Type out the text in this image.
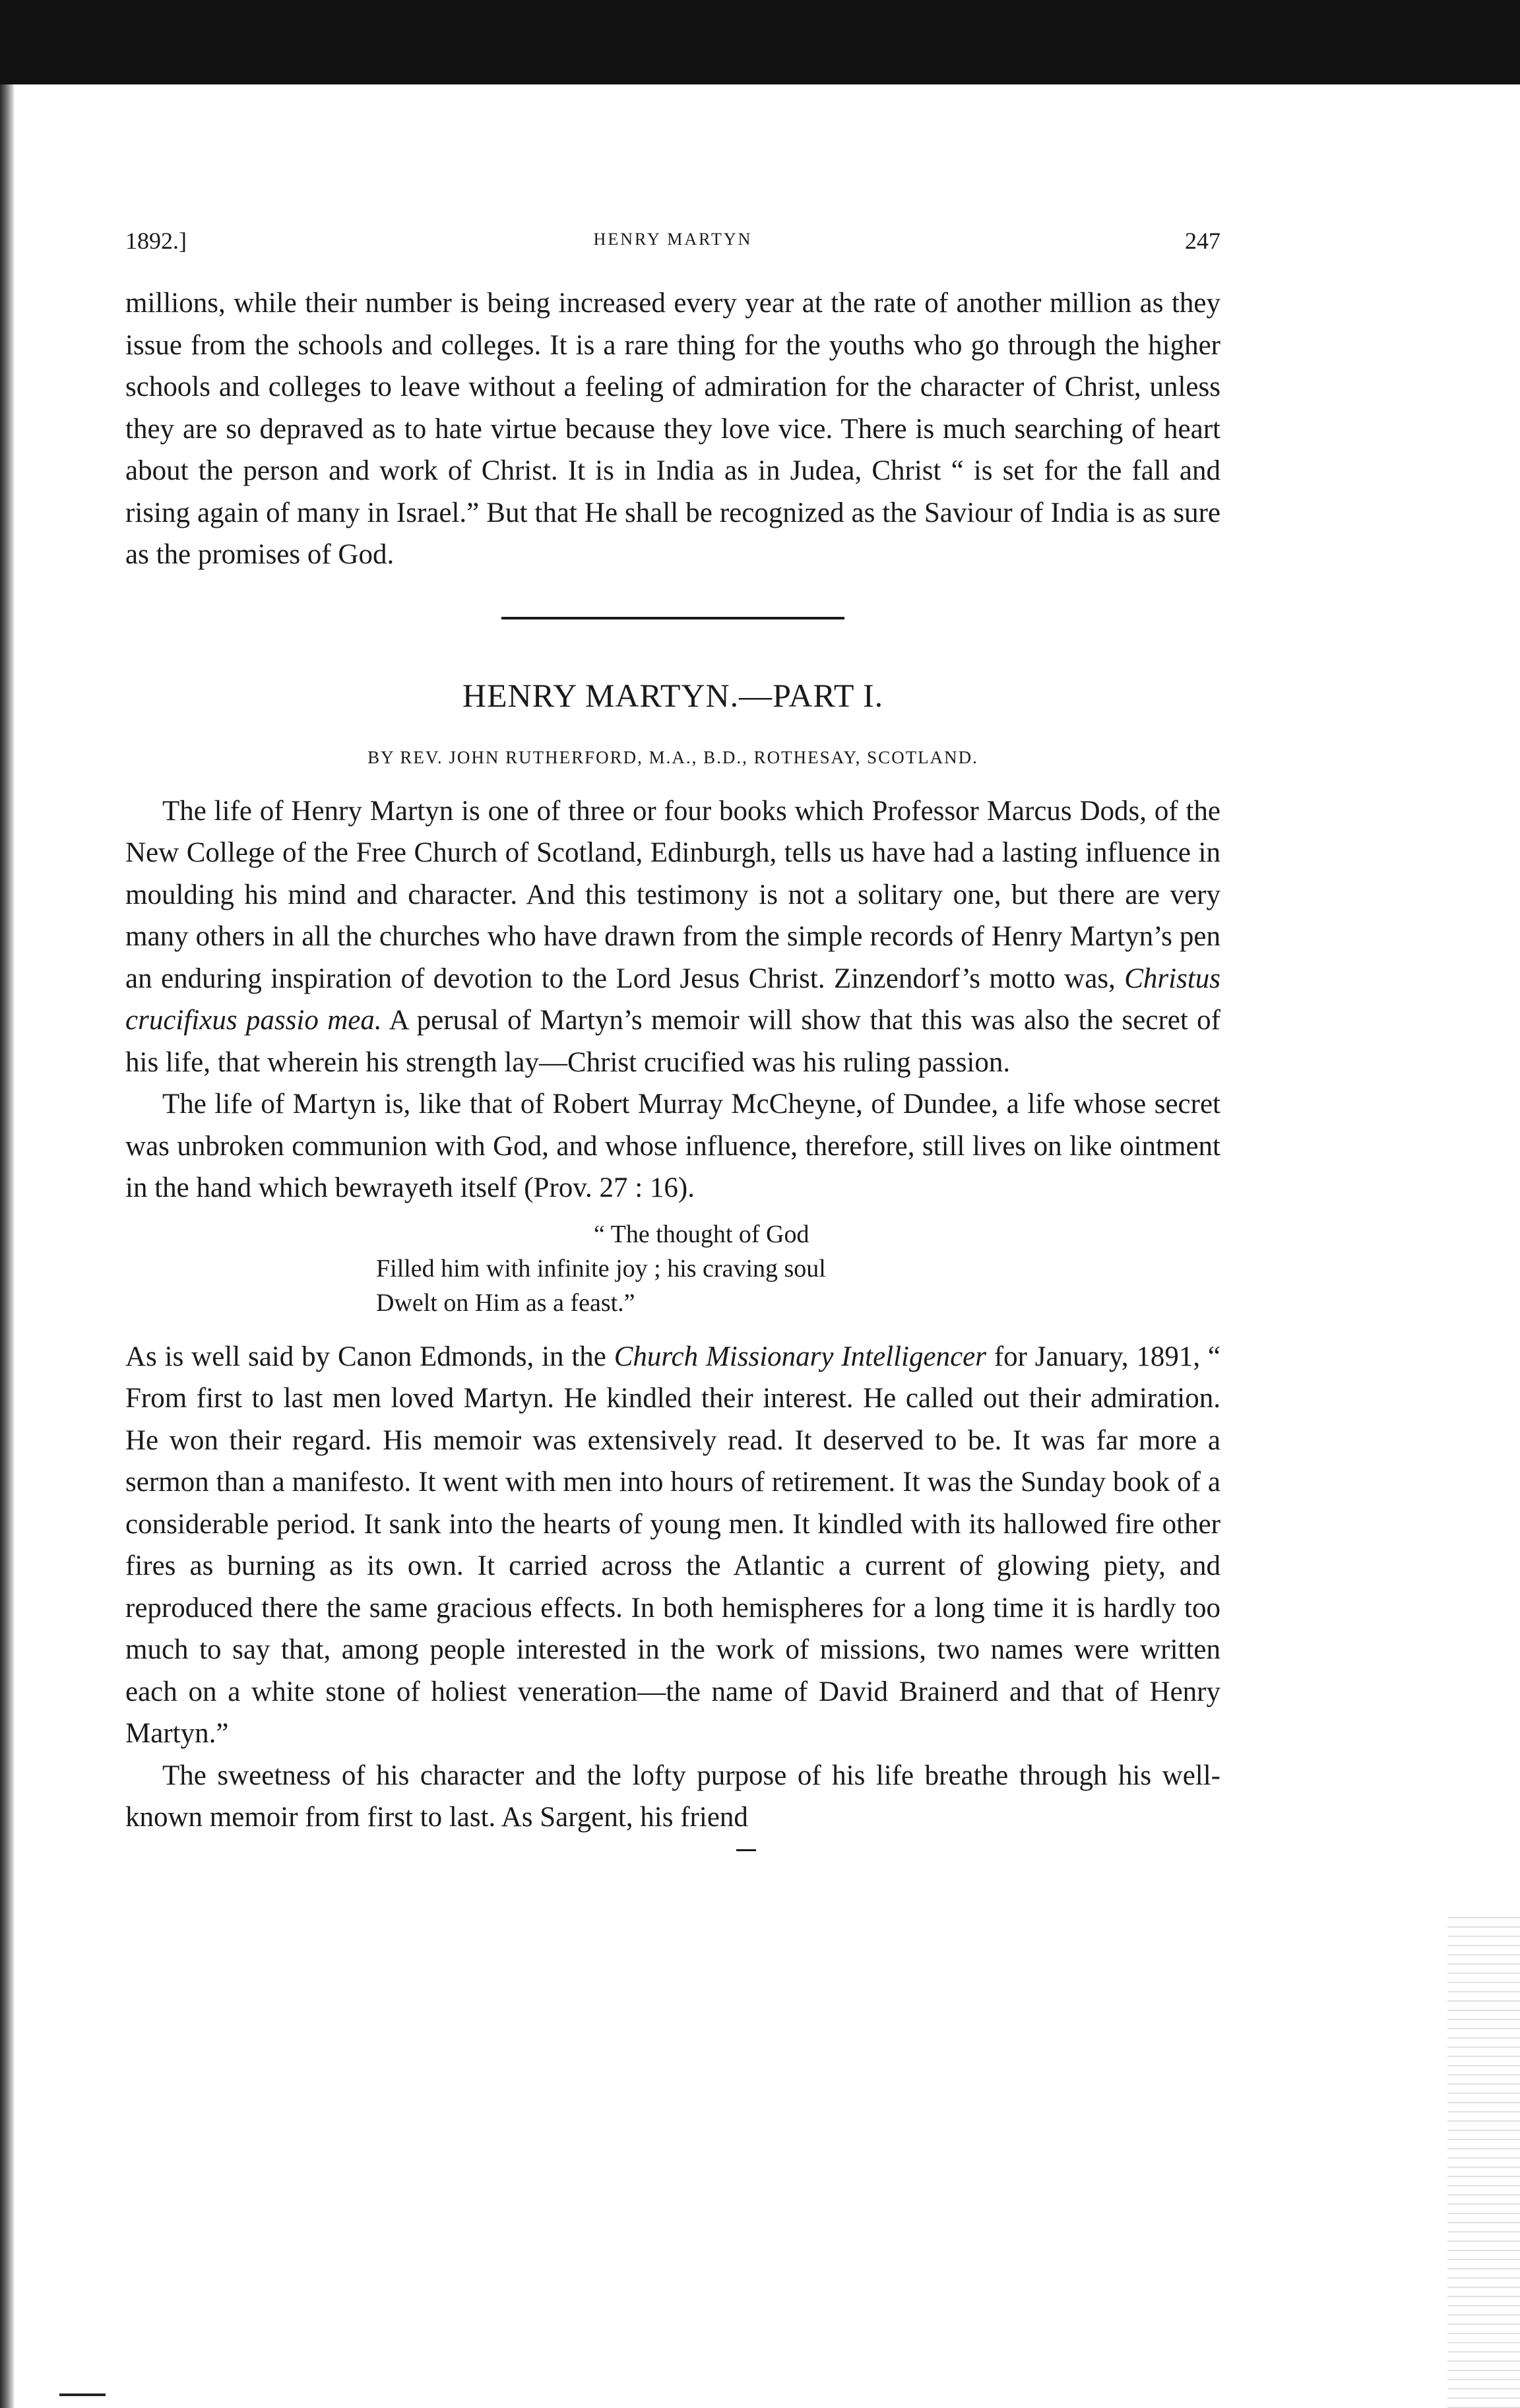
1892.]	HENRY MARTYN	247

millions, while their number is being increased every year at the rate of another million as they issue from the schools and colleges. It is a rare thing for the youths who go through the higher schools and colleges to leave without a feeling of admiration for the character of Christ, unless they are so depraved as to hate virtue because they love vice. There is much searching of heart about the person and work of Christ. It is in India as in Judea, Christ “ is set for the fall and rising again of many in Israel.” But that He shall be recognized as the Saviour of India is as sure as the promises of God.

HENRY MARTYN.—PART I.

BY REV. JOHN RUTHERFORD, M.A., B.D., ROTHESAY, SCOTLAND.

The life of Henry Martyn is one of three or four books which Professor Marcus Dods, of the New College of the Free Church of Scotland, Edinburgh, tells us have had a lasting influence in moulding his mind and character. And this testimony is not a solitary one, but there are very many others in all the churches who have drawn from the simple records of Henry Martyn’s pen an enduring inspiration of devotion to the Lord Jesus Christ. Zinzendorf’s motto was, Christus crucifixus passio mea. A perusal of Martyn’s memoir will show that this was also the secret of his life, that wherein his strength lay—Christ crucified was his ruling passion.

The life of Martyn is, like that of Robert Murray McCheyne, of Dundee, a life whose secret was unbroken communion with God, and whose influence, therefore, still lives on like ointment in the hand which bewrayeth itself (Prov. 27 : 16).

“ The thought of God
Filled him with infinite joy ; his craving soul
Dwelt on Him as a feast.”

As is well said by Canon Edmonds, in the Church Missionary Intelligencer for January, 1891, “ From first to last men loved Martyn. He kindled their interest. He called out their admiration. He won their regard. His memoir was extensively read. It deserved to be. It was far more a sermon than a manifesto. It went with men into hours of retirement. It was the Sunday book of a considerable period. It sank into the hearts of young men. It kindled with its hallowed fire other fires as burning as its own. It carried across the Atlantic a current of glowing piety, and reproduced there the same gracious effects. In both hemispheres for a long time it is hardly too much to say that, among people interested in the work of missions, two names were written each on a white stone of holiest veneration—the name of David Brainerd and that of Henry Martyn.”

The sweetness of his character and the lofty purpose of his life breathe through his well-known memoir from first to last. As Sargent, his friend
